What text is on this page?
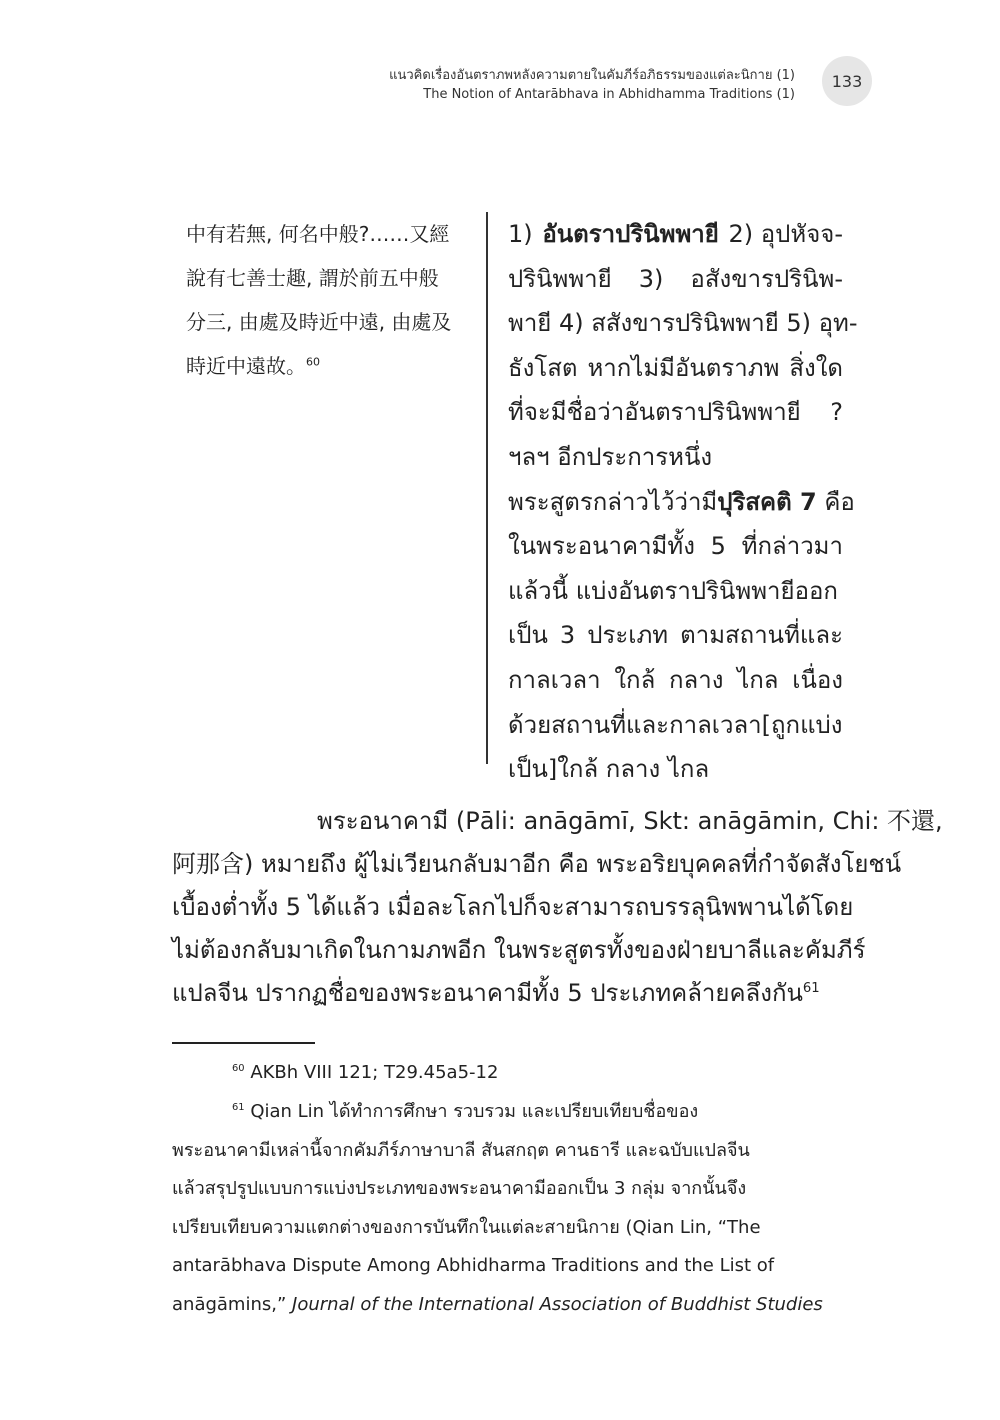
แนวคิดเรื่องอันตราภพหลังความตายในคัมภีร์อภิธรรมของแต่ละนิกาย (1)
The Notion of Antarābhava in Abhidhamma Traditions (1)
133

中有若無, 何名中般?……又經

說有七善士趣, 謂於前五中般

分三, 由處及時近中遠, 由處及

時近中遠故。$^{60}$

1) อันตราปรินิพพายี 2) อุปหัจจ-

ปรินิพพายี 3) อสังขารปรินิพ-

พายี 4) สสังขารปรินิพพายี 5) อุท-

ธังโสต หากไม่มีอันตราภพ สิ่งใด

ที่จะมีชื่อว่าอันตราปรินิพพายี ?

ฯลฯ อีกประการหนึ่ง

พระสูตรกล่าวไว้ว่ามีปุริสคติ 7 คือ

ในพระอนาคามีทั้ง 5 ที่กล่าวมา

แล้วนี้ แบ่งอันตราปรินิพพายีออก

เป็น 3 ประเภท ตามสถานที่และ

กาลเวลา ใกล้ กลาง ไกล เนื่อง

ด้วยสถานที่และกาลเวลา[ถูกแบ่ง

เป็น]ใกล้ กลาง ไกล

พระอนาคามี (Pāli: anāgāmī, Skt: anāgāmin, Chi: 不還,

阿那含) หมายถึง ผู้ไม่เวียนกลับมาอีก คือ พระอริยบุคคลที่กำจัดสังโยชน์

เบื้องต่ำทั้ง 5 ได้แล้ว เมื่อละโลกไปก็จะสามารถบรรลุนิพพานได้โดย

ไม่ต้องกลับมาเกิดในกามภพอีก ในพระสูตรทั้งของฝ่ายบาลีและคัมภีร์

แปลจีน ปรากฏชื่อของพระอนาคามีทั้ง 5 ประเภทคล้ายคลึงกัน$^{61}$

$^{60}$ AKBh VIII 121; T29.45a5-12

$^{61}$ Qian Lin ได้ทำการศึกษา รวบรวม และเปรียบเทียบชื่อของ

พระอนาคามีเหล่านี้จากคัมภีร์ภาษาบาลี สันสกฤต คานธารี และฉบับแปลจีน

แล้วสรุปรูปแบบการแบ่งประเภทของพระอนาคามีออกเป็น 3 กลุ่ม จากนั้นจึง

เปรียบเทียบความแตกต่างของการบันทึกในแต่ละสายนิกาย (Qian Lin, “The

antarābhava Dispute Among Abhidharma Traditions and the List of

anāgāmins,” Journal of the International Association of Buddhist Studies
